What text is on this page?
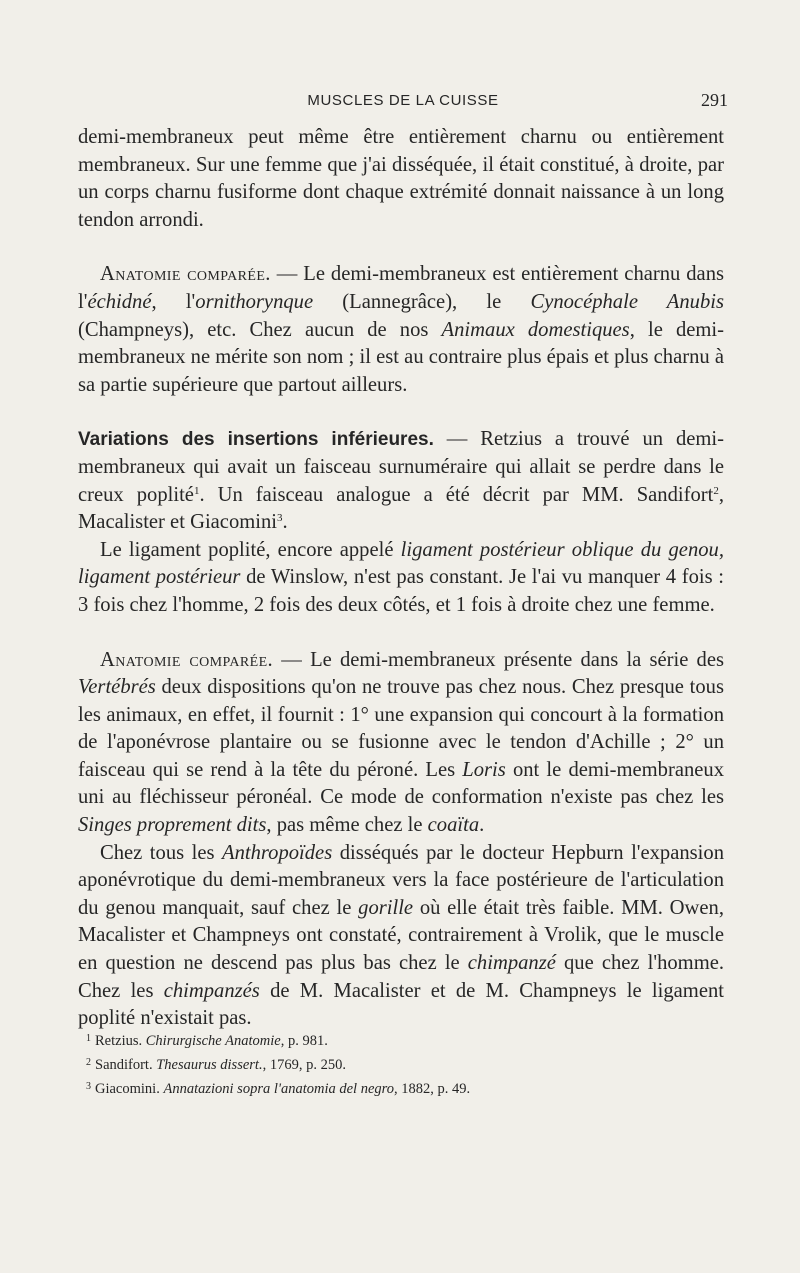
MUSCLES DE LA CUISSE	291

demi-membraneux peut même être entièrement charnu ou entièrement membraneux. Sur une femme que j'ai disséquée, il était constitué, à droite, par un corps charnu fusiforme dont chaque extrémité donnait naissance à un long tendon arrondi.

Anatomie comparée. — Le demi-membraneux est entièrement charnu dans l'échidné, l'ornithorynque (Lannegrâce), le Cynocéphale Anubis (Champneys), etc. Chez aucun de nos Animaux domestiques, le demi-membraneux ne mérite son nom ; il est au contraire plus épais et plus charnu à sa partie supérieure que partout ailleurs.

Variations des insertions inférieures. — Retzius a trouvé un demi-membraneux qui avait un faisceau surnuméraire qui allait se perdre dans le creux poplité$^1$. Un faisceau analogue a été décrit par MM. Sandifort$^2$, Macalister et Giacomini$^3$.

Le ligament poplité, encore appelé ligament postérieur oblique du genou, ligament postérieur de Winslow, n'est pas constant. Je l'ai vu manquer 4 fois : 3 fois chez l'homme, 2 fois des deux côtés, et 1 fois à droite chez une femme.

Anatomie comparée. — Le demi-membraneux présente dans la série des Vertébrés deux dispositions qu'on ne trouve pas chez nous. Chez presque tous les animaux, en effet, il fournit : 1° une expansion qui concourt à la formation de l'aponévrose plantaire ou se fusionne avec le tendon d'Achille ; 2° un faisceau qui se rend à la tête du péroné. Les Loris ont le demi-membraneux uni au fléchisseur péronéal. Ce mode de conformation n'existe pas chez les Singes proprement dits, pas même chez le coaïta.

Chez tous les Anthropoïdes disséqués par le docteur Hepburn l'expansion aponévrotique du demi-membraneux vers la face postérieure de l'articulation du genou manquait, sauf chez le gorille où elle était très faible. MM. Owen, Macalister et Champneys ont constaté, contrairement à Vrolik, que le muscle en question ne descend pas plus bas chez le chimpanzé que chez l'homme. Chez les chimpanzés de M. Macalister et de M. Champneys le ligament poplité n'existait pas.

$^1$ Retzius. Chirurgische Anatomie, p. 981.

$^2$ Sandifort. Thesaurus dissert., 1769, p. 250.

$^3$ Giacomini. Annatazioni sopra l'anatomia del negro, 1882, p. 49.
